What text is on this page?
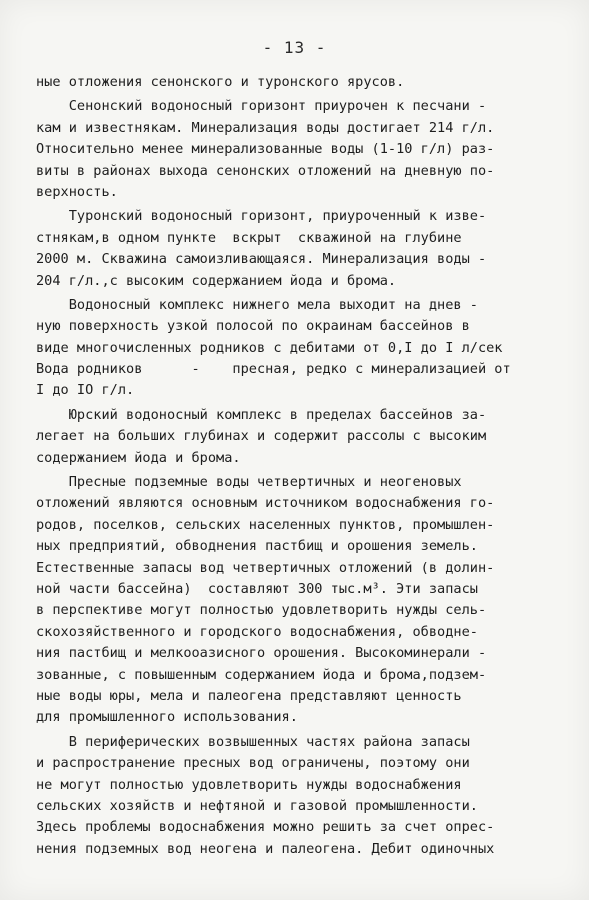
- 13 -
ные отложения сенонского и туронского ярусов.
Сенонский водоносный горизонт приурочен к песчани -
кам и известнякам. Минерализация воды достигает 214 г/л.
Относительно менее минерализованные воды (1-10 г/л) раз-
виты в районах выхода сенонских отложений на дневную по-
верхность.
Туронский водоносный горизонт, приуроченный к изве-
стнякам,в одном пункте  вскрыт  скважиной на глубине
2000 м. Скважина самоизливающаяся. Минерализация воды -
204 г/л.,с высоким содержанием йода и брома.
Водоносный комплекс нижнего мела выходит на днев -
ную поверхность узкой полосой по окраинам бассейнов в
виде многочисленных родников с дебитами от 0,I до I л/сек
Вода родников      -    пресная, редко с минерализацией от
I до IO г/л.
Юрский водоносный комплекс в пределах бассейнов за-
легает на больших глубинах и содержит рассолы с высоким
содержанием йода и брома.
Пресные подземные воды четвертичных и неогеновых
отложений являются основным источником водоснабжения го-
родов, поселков, сельских населенных пунктов, промышлен-
ных предприятий, обводнения пастбищ и орошения земель.
Естественные запасы вод четвертичных отложений (в долин-
ной части бассейна)  составляют 300 тыс.м³. Эти запасы
в перспективе могут полностью удовлетворить нужды сель-
скохозяйственного и городского водоснабжения, обводне-
ния пастбищ и мелкооазисного орошения. Высокоминерали -
зованные, с повышенным содержанием йода и брома,подзем-
ные воды юры, мела и палеогена представляют ценность
для промышленного использования.
В периферических возвышенных частях района запасы
и распространение пресных вод ограничены, поэтому они
не могут полностью удовлетворить нужды водоснабжения
сельских хозяйств и нефтяной и газовой промышленности.
Здесь проблемы водоснабжения можно решить за счет опрес-
нения подземных вод неогена и палеогена. Дебит одиночных
